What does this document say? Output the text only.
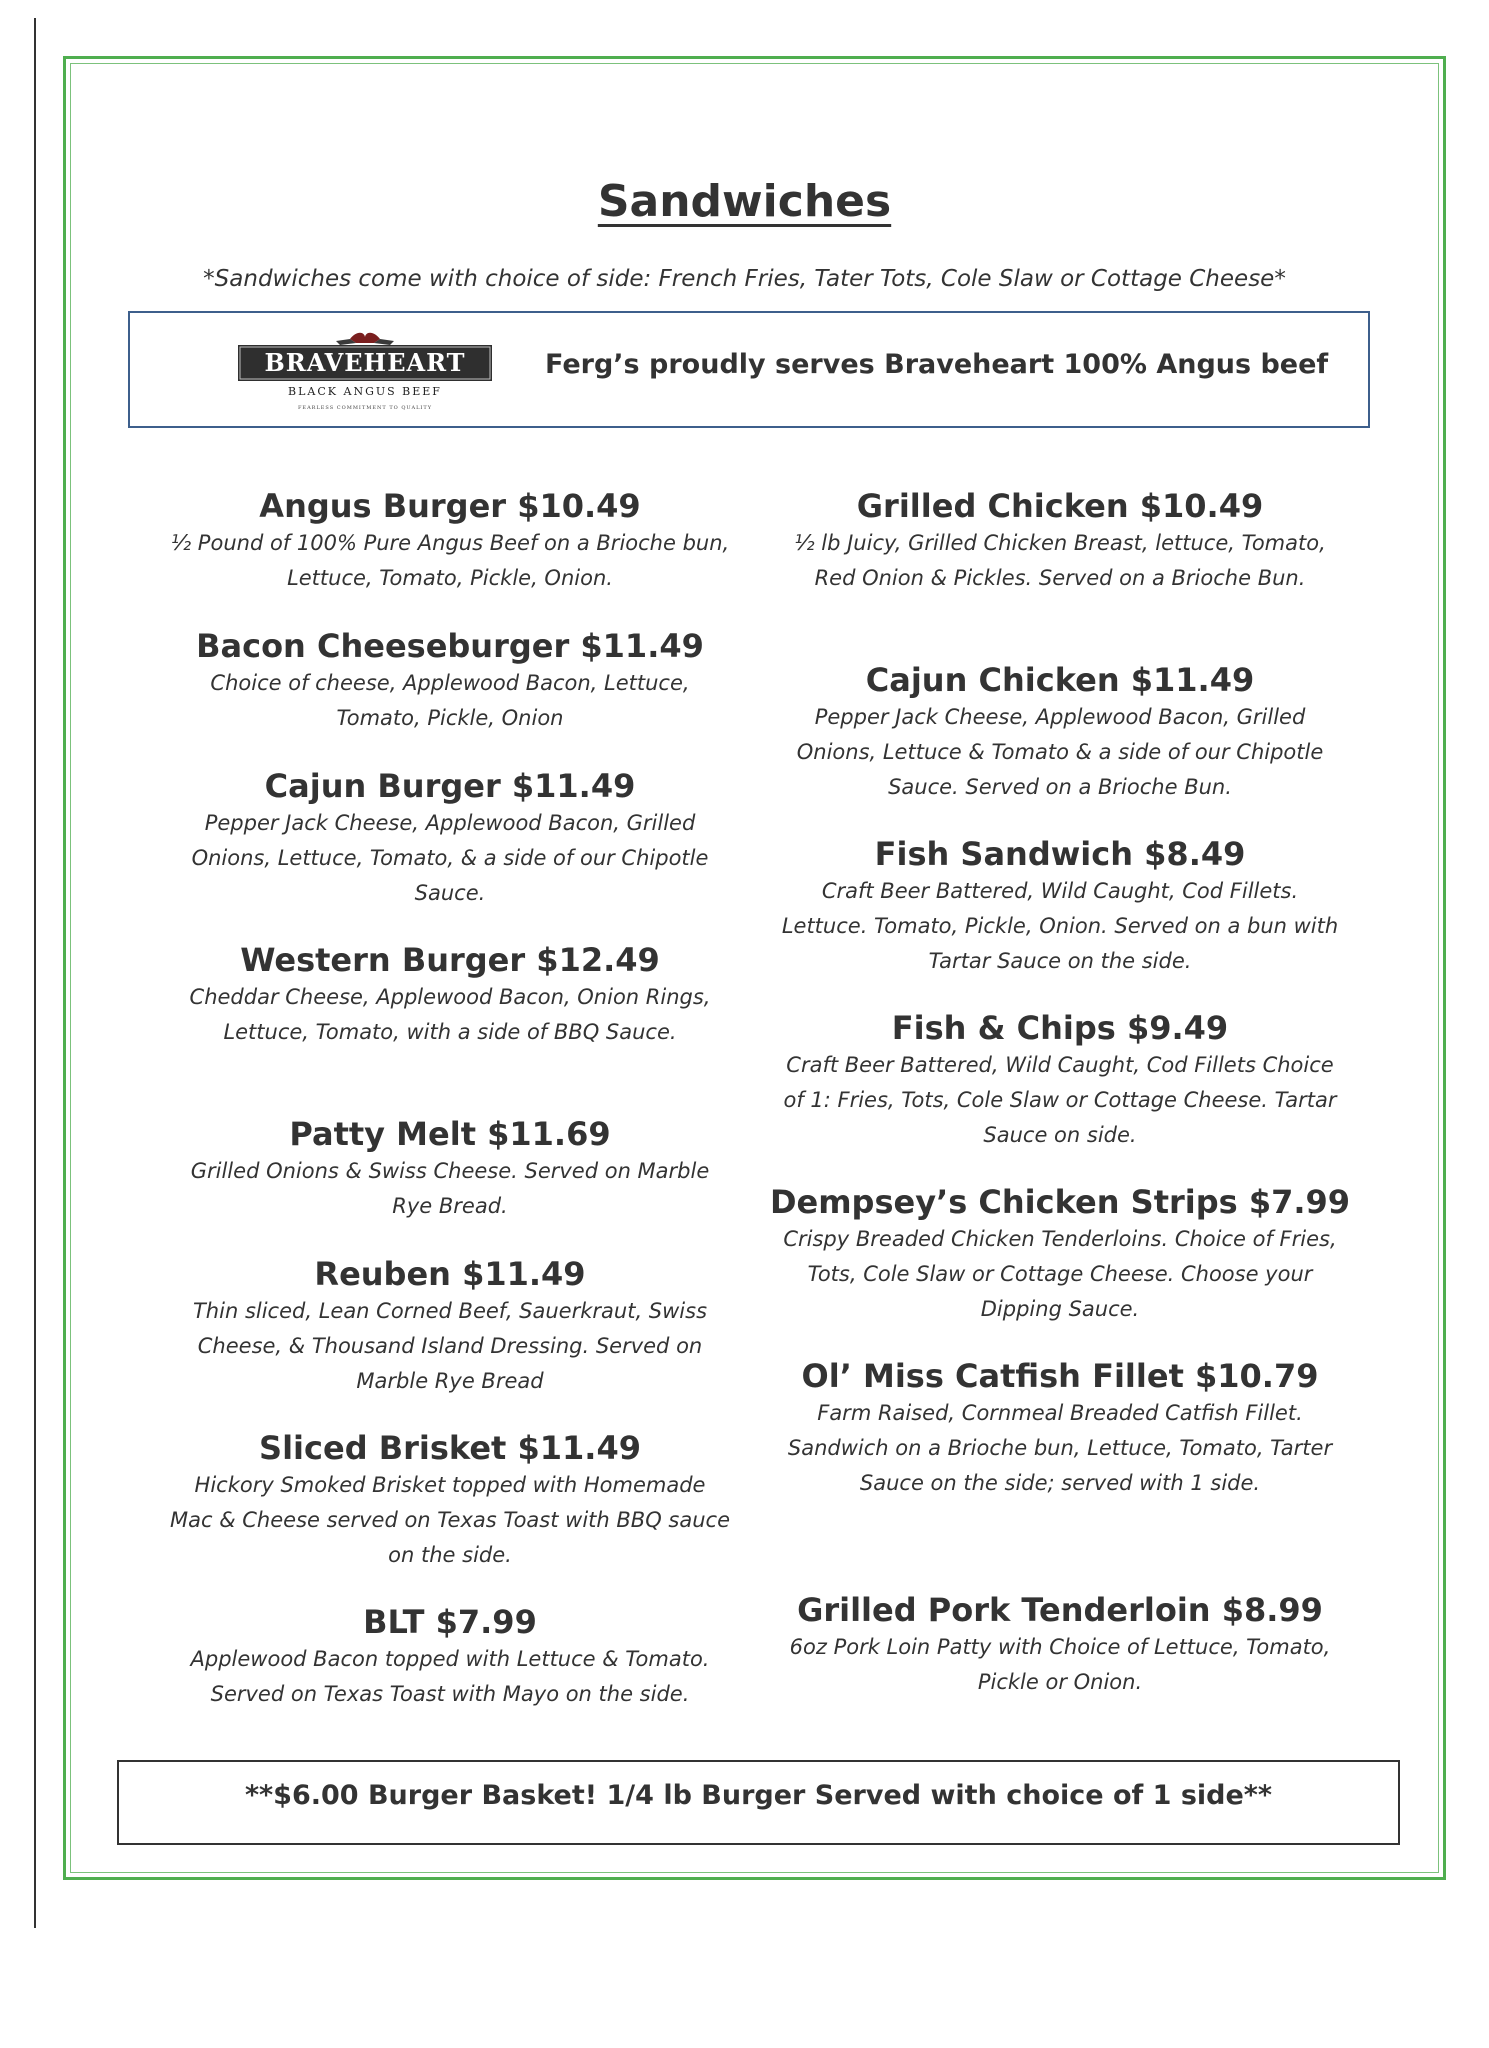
Sandwiches
*Sandwiches come with choice of side: French Fries, Tater Tots, Cole Slaw or Cottage Cheese*
BRAVEHEART
BLACK ANGUS BEEF
FEARLESS COMMITMENT TO QUALITY
Ferg’s proudly serves Braveheart 100% Angus beef
Angus Burger $10.49
½ Pound of 100% Pure Angus Beef on a Brioche bun, Lettuce, Tomato, Pickle, Onion.
Bacon Cheeseburger $11.49
Choice of cheese, Applewood Bacon, Lettuce, Tomato, Pickle, Onion
Cajun Burger $11.49
Pepper Jack Cheese, Applewood Bacon, Grilled Onions, Lettuce, Tomato, & a side of our Chipotle Sauce.
Western Burger $12.49
Cheddar Cheese, Applewood Bacon, Onion Rings, Lettuce, Tomato, with a side of BBQ Sauce.
Patty Melt $11.69
Grilled Onions & Swiss Cheese. Served on Marble Rye Bread.
Reuben $11.49
Thin sliced, Lean Corned Beef, Sauerkraut, Swiss Cheese, & Thousand Island Dressing. Served on Marble Rye Bread
Sliced Brisket $11.49
Hickory Smoked Brisket topped with Homemade Mac & Cheese served on Texas Toast with BBQ sauce on the side.
BLT $7.99
Applewood Bacon topped with Lettuce & Tomato. Served on Texas Toast with Mayo on the side.
Grilled Chicken $10.49
½ lb Juicy, Grilled Chicken Breast, lettuce, Tomato, Red Onion & Pickles. Served on a Brioche Bun.
Cajun Chicken $11.49
Pepper Jack Cheese, Applewood Bacon, Grilled Onions, Lettuce & Tomato & a side of our Chipotle Sauce. Served on a Brioche Bun.
Fish Sandwich $8.49
Craft Beer Battered, Wild Caught, Cod Fillets. Lettuce. Tomato, Pickle, Onion. Served on a bun with Tartar Sauce on the side.
Fish & Chips $9.49
Craft Beer Battered, Wild Caught, Cod Fillets Choice of 1: Fries, Tots, Cole Slaw or Cottage Cheese. Tartar Sauce on side.
Dempsey’s Chicken Strips $7.99
Crispy Breaded Chicken Tenderloins. Choice of Fries, Tots, Cole Slaw or Cottage Cheese. Choose your Dipping Sauce.
Ol’ Miss Catfish Fillet $10.79
Farm Raised, Cornmeal Breaded Catfish Fillet. Sandwich on a Brioche bun, Lettuce, Tomato, Tarter Sauce on the side; served with 1 side.
Grilled Pork Tenderloin $8.99
6oz Pork Loin Patty with Choice of Lettuce, Tomato, Pickle or Onion.
**$6.00 Burger Basket! 1/4 lb Burger Served with choice of 1 side**
